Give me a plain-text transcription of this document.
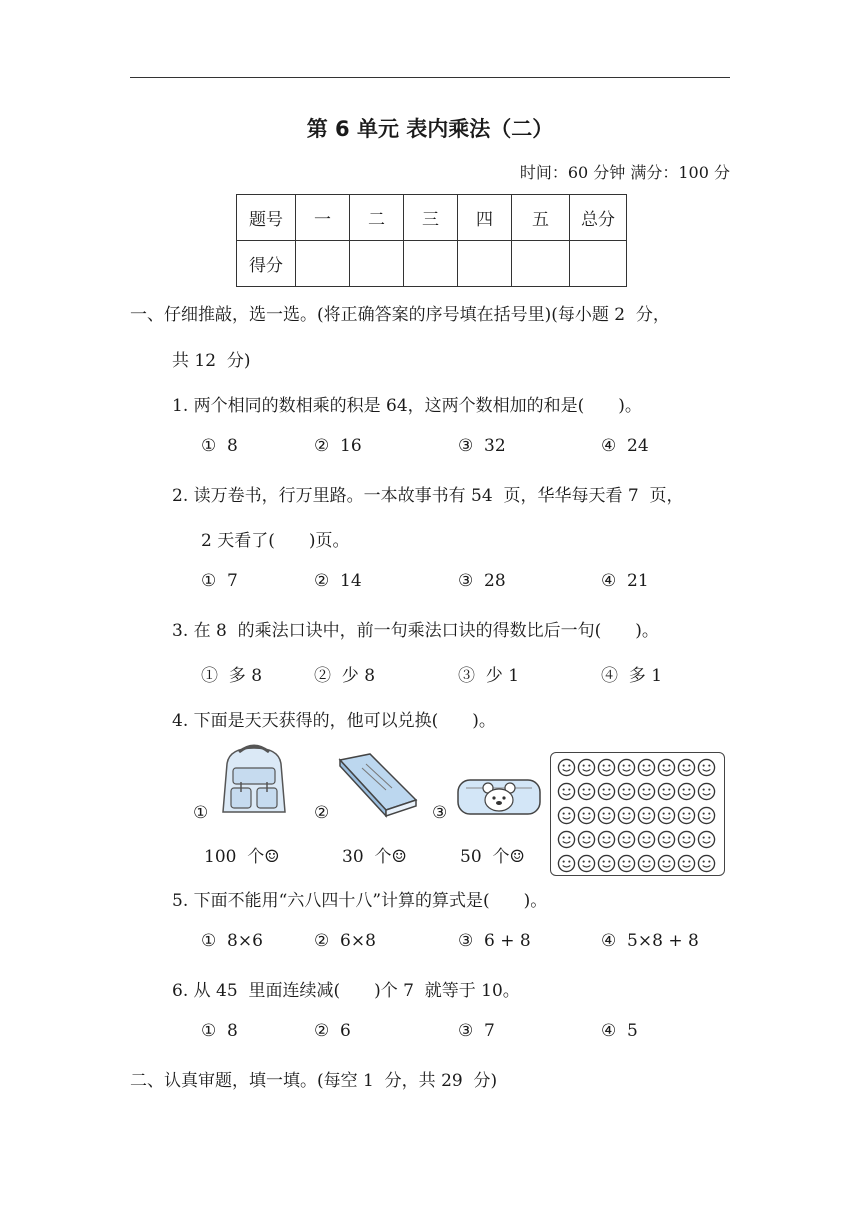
第 6 单元 表内乘法（二）
时间：60 分钟 满分：100 分
题号	一	二	三	四	五	总分
得分						
一、仔细推敲，选一选。(将正确答案的序号填在括号里)(每小题 2  分，
共 12  分)
1. 两个相同的数相乘的积是 64，这两个数相加的和是( )。
①  8	②  16	③  32	④  24
2. 读万卷书，行万里路。一本故事书有 54  页，华华每天看 7  页，
2 天看了( )页。
①  7	②  14	③  28	④  21
3. 在 8  的乘法口诀中，前一句乘法口诀的得数比后一句( )。
①  多 8	②  少 8	③  少 1	④  多 1
4. 下面是天天获得的，他可以兑换( )。
①	②	③
100  个☺	30  个☺	50  个☺

5. 下面不能用“六八四十八”计算的算式是( )。
①  8×6	②  6×8	③  6 + 8	④  5×8 + 8
6. 从 45  里面连续减( )个 7  就等于 10。
①  8	②  6	③  7	④  5
二、认真审题，填一填。(每空 1  分，共 29  分)
